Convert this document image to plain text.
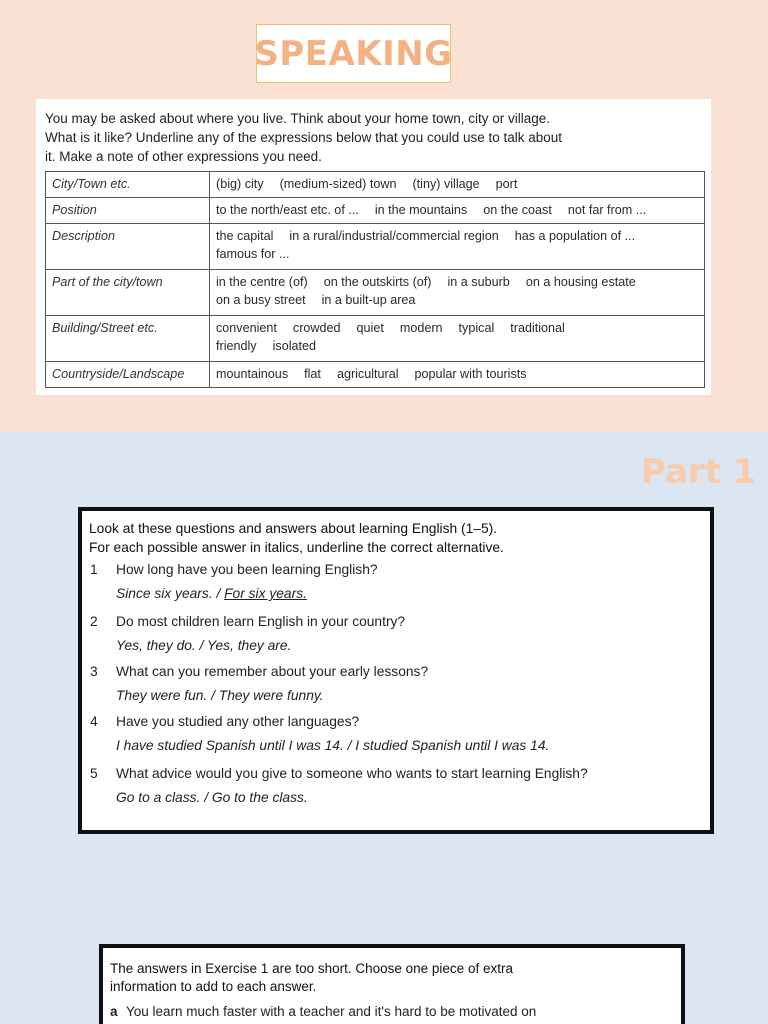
SPEAKING
You may be asked about where you live. Think about your home town, city or village. What is it like? Underline any of the expressions below that you could use to talk about it. Make a note of other expressions you need.
City/Town etc.	(big) city (medium-sized) town (tiny) village port
Position	to the north/east etc. of ... in the mountains on the coast not far from ...
Description	the capital in a rural/industrial/commercial region has a population of ...
famous for ...
Part of the city/town	in the centre (of) on the outskirts (of) in a suburb on a housing estate
on a busy street in a built-up area
Building/Street etc.	convenient crowded quiet modern typical traditional
friendly isolated
Countryside/Landscape	mountainous flat agricultural popular with tourists
Part 1
Look at these questions and answers about learning English (1–5).
For each possible answer in italics, underline the correct alternative.
1 How long have you been learning English?
Since six years. / For six years.
2 Do most children learn English in your country?
Yes, they do. / Yes, they are.
3 What can you remember about your early lessons?
They were fun. / They were funny.
4 Have you studied any other languages?
I have studied Spanish until I was 14. / I studied Spanish until I was 14.
5 What advice would you give to someone who wants to start learning English?
Go to a class. / Go to the class.
The answers in Exercise 1 are too short. Choose one piece of extra
information to add to each answer.
a You learn much faster with a teacher and it's hard to be motivated on
